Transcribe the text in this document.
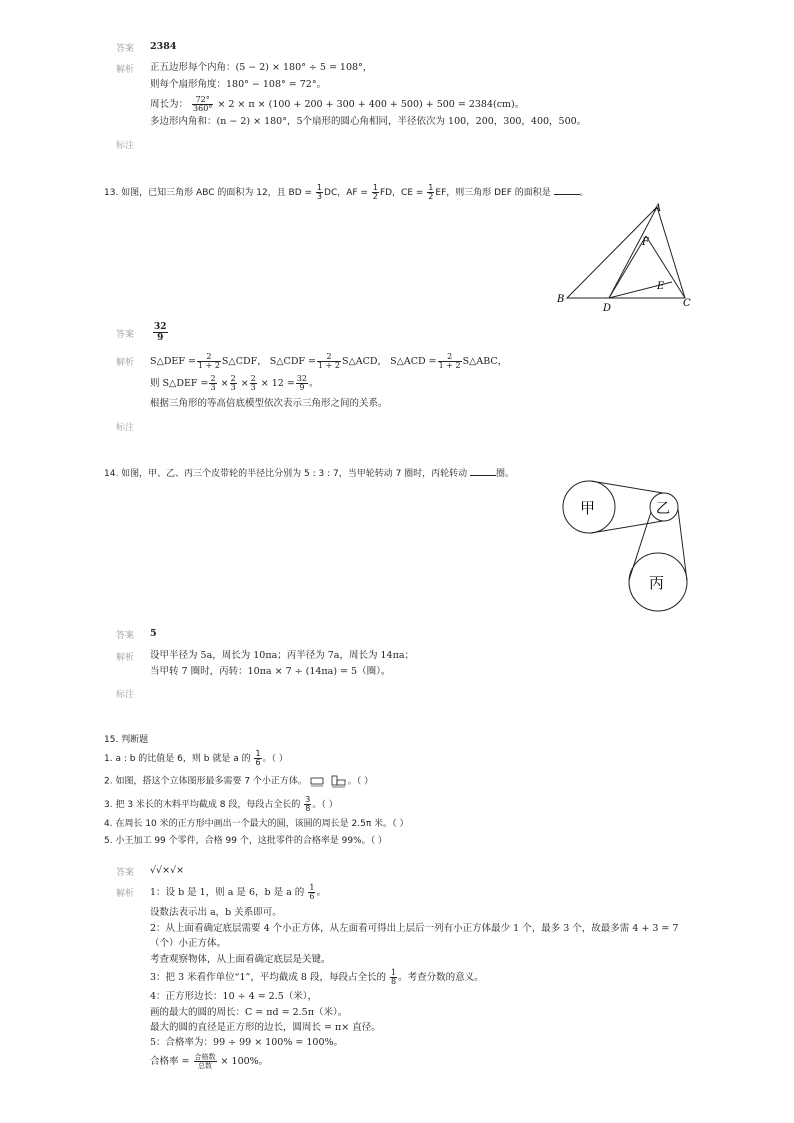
答案 2384
解析 正五边形每个内角：(5 − 2) × 180° ÷ 5 = 108°，
则每个扇形角度：180° − 108° = 72°。
周长为： $\frac{72^\circ}{360^\circ} \times 2 \times \pi \times (100 + 200 + 300 + 400 + 500) + 500 = 2384(cm)$。
多边形内角和：(n − 2) × 180°，5个扇形的圆心角相同，半径依次为 100，200，300，400，500。
标注
13. 如图，已知三角形 ABC 的面积为 12，且 BD = $\frac{1}{3}$ DC，AF = $\frac{1}{2}$ FD，CE = $\frac{1}{2}$ EF，则三角形 DEF 的面积是	。
A
B	C
D
E
F
答案 $\frac{32}{9}$
解析 S△DEF = $\frac{2}{1 + 2}$ S△CDF， S△CDF = $\frac{2}{1 + 2}$ S△ACD， S△ACD = $\frac{2}{1 + 2}$ S△ABC，
则 S△DEF = $\frac{2}{3} \times \frac{2}{3} \times \frac{2}{3} \times 12 = \frac{32}{9}$ 。
根据三角形的等高倍底模型依次表示三角形之间的关系。
标注
14. 如图，甲、乙、丙三个皮带轮的半径比分别为 5 : 3 : 7，当甲轮转动 7 圈时，丙轮转动	圈。
甲	乙
丙
答案 5
解析 设甲半径为 5a，周长为 10πa；丙半径为 7a，周长为 14πa；
当甲转 7 圈时，丙转：10πa × 7 ÷ (14πa) = 5（圈）。
标注
15. 判断题
1. a : b 的比值是 6，则 b 就是 a 的 $\frac{1}{6}$ 。（ ）
2. 如图，搭这个立体图形最多需要 7 个小正方体。	。（ ）
3. 把 3 米长的木料平均截成 8 段，每段占全长的 $\frac{3}{8}$ 。（ ）
4. 在周长 10 米的正方形中画出一个最大的圆，该圆的周长是 2.5π 米。（ ）
5. 小王加工 99 个零件，合格 99 个，这批零件的合格率是 99%。（ ）
答案 √√×√×
解析 1：设 b 是 1，则 a 是 6，b 是 a 的 $\frac{1}{6}$ 。
设数法表示出 a，b 关系即可。
2：从上面看确定底层需要 4 个小正方体，从左面看可得出上层后一列有小正方体最少 1 个，最多 3 个，故最多需 4 + 3 = 7
（个）小正方体。
考查观察物体，从上面看确定底层是关键。
3：把 3 米看作单位“1”，平均截成 8 段，每段占全长的 $\frac{1}{8}$ 。考查分数的意义。
4：正方形边长：10 ÷ 4 = 2.5（米），
画的最大的圆的周长：C = πd = 2.5π（米）。
最大的圆的直径是正方形的边长，圆周长 = π× 直径。
5：合格率为：99 ÷ 99 × 100% = 100%。
合格率 = $\frac{\text{合格数}}{\text{总数}} \times 100\%$。
